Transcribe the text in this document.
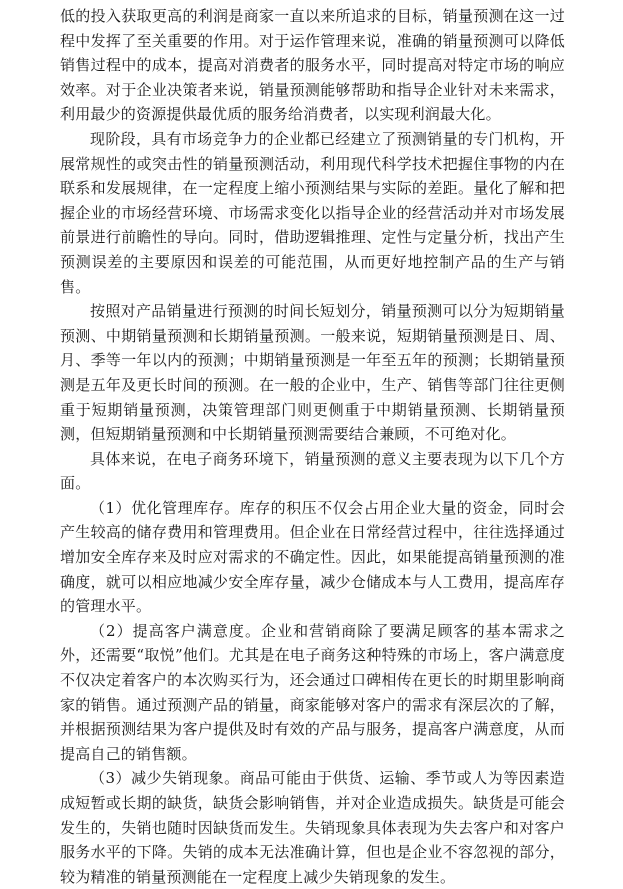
低的投入获取更高的利润是商家一直以来所追求的目标，销量预测在这一过程中发挥了至关重要的作用。对于运作管理来说，准确的销量预测可以降低销售过程中的成本，提高对消费者的服务水平，同时提高对特定市场的响应效率。对于企业决策者来说，销量预测能够帮助和指导企业针对未来需求，利用最少的资源提供最优质的服务给消费者，以实现利润最大化。

现阶段，具有市场竞争力的企业都已经建立了预测销量的专门机构，开展常规性的或突击性的销量预测活动，利用现代科学技术把握住事物的内在联系和发展规律，在一定程度上缩小预测结果与实际的差距。量化了解和把握企业的市场经营环境、市场需求变化以指导企业的经营活动并对市场发展前景进行前瞻性的导向。同时，借助逻辑推理、定性与定量分析，找出产生预测误差的主要原因和误差的可能范围，从而更好地控制产品的生产与销售。

按照对产品销量进行预测的时间长短划分，销量预测可以分为短期销量预测、中期销量预测和长期销量预测。一般来说，短期销量预测是日、周、月、季等一年以内的预测；中期销量预测是一年至五年的预测；长期销量预测是五年及更长时间的预测。在一般的企业中，生产、销售等部门往往更侧重于短期销量预测，决策管理部门则更侧重于中期销量预测、长期销量预测，但短期销量预测和中长期销量预测需要结合兼顾，不可绝对化。

具体来说，在电子商务环境下，销量预测的意义主要表现为以下几个方面。

（1）优化管理库存。库存的积压不仅会占用企业大量的资金，同时会产生较高的储存费用和管理费用。但企业在日常经营过程中，往往选择通过增加安全库存来及时应对需求的不确定性。因此，如果能提高销量预测的准确度，就可以相应地减少安全库存量，减少仓储成本与人工费用，提高库存的管理水平。

（2）提高客户满意度。企业和营销商除了要满足顾客的基本需求之外，还需要“取悦”他们。尤其是在电子商务这种特殊的市场上，客户满意度不仅决定着客户的本次购买行为，还会通过口碑相传在更长的时期里影响商家的销售。通过预测产品的销量，商家能够对客户的需求有深层次的了解，并根据预测结果为客户提供及时有效的产品与服务，提高客户满意度，从而提高自己的销售额。

（3）减少失销现象。商品可能由于供货、运输、季节或人为等因素造成短暂或长期的缺货，缺货会影响销售，并对企业造成损失。缺货是可能会发生的，失销也随时因缺货而发生。失销现象具体表现为失去客户和对客户服务水平的下降。失销的成本无法准确计算，但也是企业不容忽视的部分，较为精准的销量预测能在一定程度上减少失销现象的发生。
